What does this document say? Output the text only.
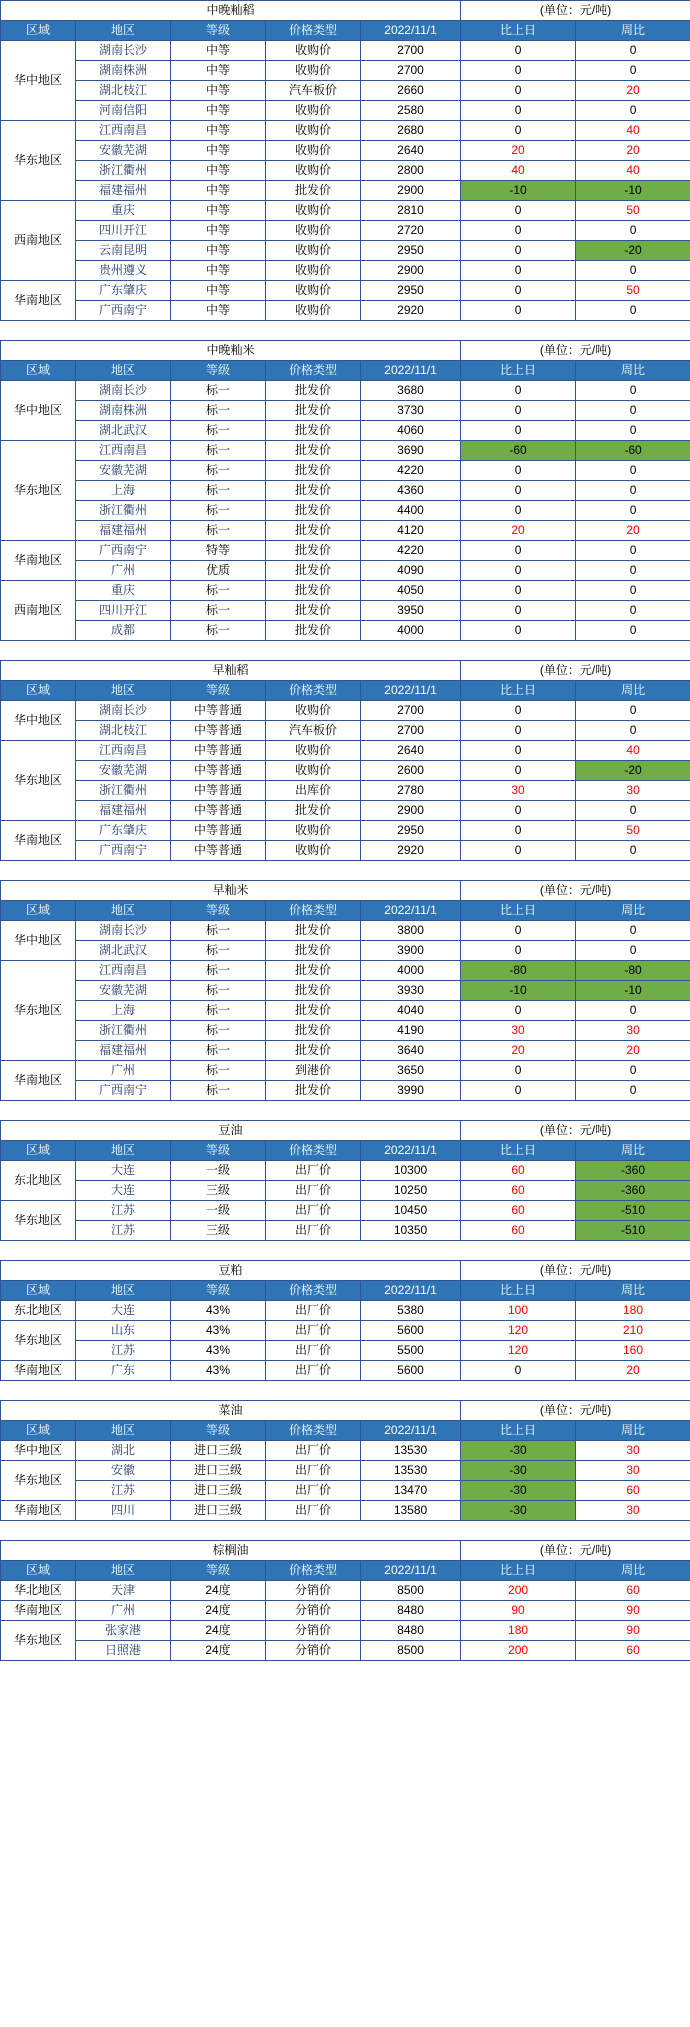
中晚籼稻					(单位：元/吨)	
区域	地区	等级	价格类型	2022/11/1	比上日	周比
华中地区	湖南长沙	中等	收购价	2700	0	0
	湖南株洲	中等	收购价	2700	0	0
	湖北枝江	中等	汽车板价	2660	0	20
	河南信阳	中等	收购价	2580	0	0
华东地区	江西南昌	中等	收购价	2680	0	40
	安徽芜湖	中等	收购价	2640	20	20
	浙江衢州	中等	收购价	2800	40	40
	福建福州	中等	批发价	2900	-10	-10
西南地区	重庆	中等	收购价	2810	0	50
	四川开江	中等	收购价	2720	0	0
	云南昆明	中等	收购价	2950	0	-20
	贵州遵义	中等	收购价	2900	0	0
华南地区	广东肇庆	中等	收购价	2950	0	50
	广西南宁	中等	收购价	2920	0	0
中晚籼米					(单位：元/吨)	
区域	地区	等级	价格类型	2022/11/1	比上日	周比
华中地区	湖南长沙	标一	批发价	3680	0	0
	湖南株洲	标一	批发价	3730	0	0
	湖北武汉	标一	批发价	4060	0	0
华东地区	江西南昌	标一	批发价	3690	-60	-60
	安徽芜湖	标一	批发价	4220	0	0
	上海	标一	批发价	4360	0	0
	浙江衢州	标一	批发价	4400	0	0
	福建福州	标一	批发价	4120	20	20
华南地区	广西南宁	特等	批发价	4220	0	0
	广州	优质	批发价	4090	0	0
西南地区	重庆	标一	批发价	4050	0	0
	四川开江	标一	批发价	3950	0	0
	成都	标一	批发价	4000	0	0
早籼稻					(单位：元/吨)	
区域	地区	等级	价格类型	2022/11/1	比上日	周比
华中地区	湖南长沙	中等普通	收购价	2700	0	0
	湖北枝江	中等普通	汽车板价	2700	0	0
华东地区	江西南昌	中等普通	收购价	2640	0	40
	安徽芜湖	中等普通	收购价	2600	0	-20
	浙江衢州	中等普通	出库价	2780	30	30
	福建福州	中等普通	批发价	2900	0	0
华南地区	广东肇庆	中等普通	收购价	2950	0	50
	广西南宁	中等普通	收购价	2920	0	0
早籼米					(单位：元/吨)	
区域	地区	等级	价格类型	2022/11/1	比上日	周比
华中地区	湖南长沙	标一	批发价	3800	0	0
	湖北武汉	标一	批发价	3900	0	0
华东地区	江西南昌	标一	批发价	4000	-80	-80
	安徽芜湖	标一	批发价	3930	-10	-10
	上海	标一	批发价	4040	0	0
	浙江衢州	标一	批发价	4190	30	30
	福建福州	标一	批发价	3640	20	20
华南地区	广州	标一	到港价	3650	0	0
	广西南宁	标一	批发价	3990	0	0
豆油					(单位：元/吨)	
区域	地区	等级	价格类型	2022/11/1	比上日	周比
东北地区	大连	一级	出厂价	10300	60	-360
	大连	三级	出厂价	10250	60	-360
华东地区	江苏	一级	出厂价	10450	60	-510
	江苏	三级	出厂价	10350	60	-510
豆粕					(单位：元/吨)	
区域	地区	等级	价格类型	2022/11/1	比上日	周比
东北地区	大连	43%	出厂价	5380	100	180
华东地区	山东	43%	出厂价	5600	120	210
	江苏	43%	出厂价	5500	120	160
华南地区	广东	43%	出厂价	5600	0	20
菜油					(单位：元/吨)	
区域	地区	等级	价格类型	2022/11/1	比上日	周比
华中地区	湖北	进口三级	出厂价	13530	-30	30
华东地区	安徽	进口三级	出厂价	13530	-30	30
	江苏	进口三级	出厂价	13470	-30	60
华南地区	四川	进口三级	出厂价	13580	-30	30
棕榈油					(单位：元/吨)	
区域	地区	等级	价格类型	2022/11/1	比上日	周比
华北地区	天津	24度	分销价	8500	200	60
华南地区	广州	24度	分销价	8480	90	90
华东地区	张家港	24度	分销价	8480	180	90
	日照港	24度	分销价	8500	200	60
